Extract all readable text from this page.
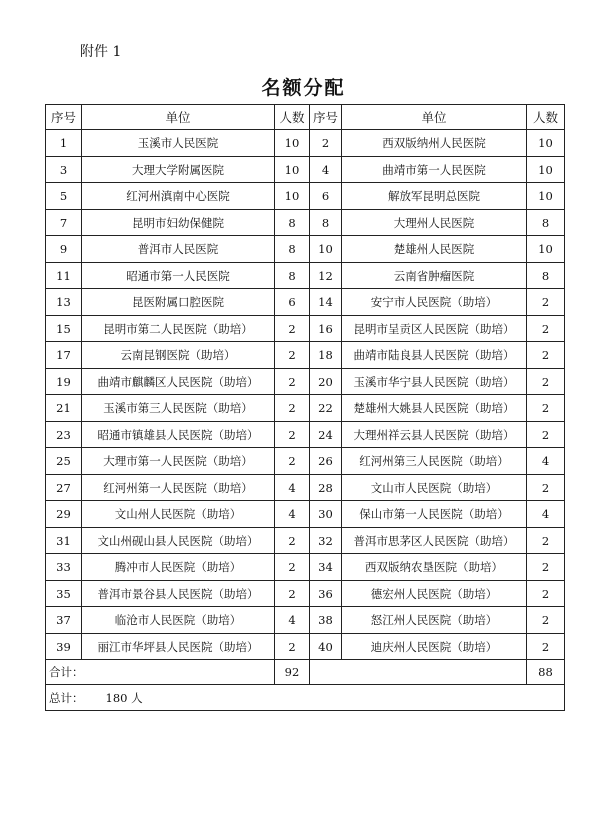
附件 1
名额分配
序号	单位	人数	序号	单位	人数
1	玉溪市人民医院	10	2	西双版纳州人民医院	10
3	大理大学附属医院	10	4	曲靖市第一人民医院	10
5	红河州滇南中心医院	10	6	解放军昆明总医院	10
7	昆明市妇幼保健院	8	8	大理州人民医院	8
9	普洱市人民医院	8	10	楚雄州人民医院	10
11	昭通市第一人民医院	8	12	云南省肿瘤医院	8
13	昆医附属口腔医院	6	14	安宁市人民医院（助培）	2
15	昆明市第二人民医院（助培）	2	16	昆明市呈贡区人民医院（助培）	2
17	云南昆钢医院（助培）	2	18	曲靖市陆良县人民医院（助培）	2
19	曲靖市麒麟区人民医院（助培）	2	20	玉溪市华宁县人民医院（助培）	2
21	玉溪市第三人民医院（助培）	2	22	楚雄州大姚县人民医院（助培）	2
23	昭通市镇雄县人民医院（助培）	2	24	大理州祥云县人民医院（助培）	2
25	大理市第一人民医院（助培）	2	26	红河州第三人民医院（助培）	4
27	红河州第一人民医院（助培）	4	28	文山市人民医院（助培）	2
29	文山州人民医院（助培）	4	30	保山市第一人民医院（助培）	4
31	文山州砚山县人民医院（助培）	2	32	普洱市思茅区人民医院（助培）	2
33	腾冲市人民医院（助培）	2	34	西双版纳农垦医院（助培）	2
35	普洱市景谷县人民医院（助培）	2	36	德宏州人民医院（助培）	2
37	临沧市人民医院（助培）	4	38	怒江州人民医院（助培）	2
39	丽江市华坪县人民医院（助培）	2	40	迪庆州人民医院（助培）	2
合计：		92			88
总计： 180 人					
